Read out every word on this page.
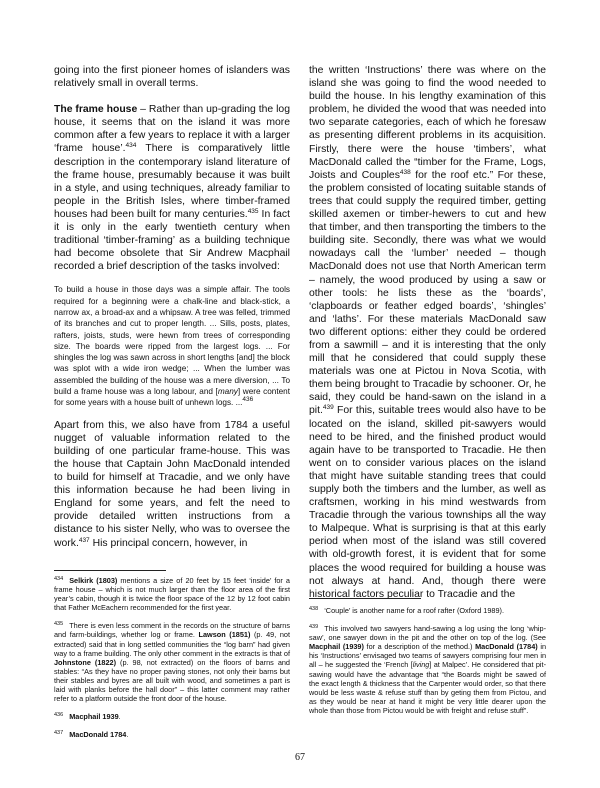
going into the first pioneer homes of islanders was relatively small in overall terms.

The frame house – Rather than up-grading the log house, it seems that on the island it was more common after a few years to replace it with a larger ‘frame house’.$^{434}$ There is comparatively little description in the contemporary island literature of the frame house, presumably because it was built in a style, and using techniques, already familiar to people in the British Isles, where timber-framed houses had been built for many centuries.$^{435}$ In fact it is only in the early twentieth century when traditional ‘timber-framing’ as a building technique had become obsolete that Sir Andrew Macphail recorded a brief description of the tasks involved:

To build a house in those days was a simple affair. The tools required for a beginning were a chalk-line and black-stick, a narrow ax, a broad-ax and a whipsaw. A tree was felled, trimmed of its branches and cut to proper length. ... Sills, posts, plates, rafters, joists, studs, were hewn from trees of corresponding size. The boards were ripped from the largest logs. ... For shingles the log was sawn across in short lengths [and] the block was splot with a wide iron wedge; ... When the lumber was assembled the building of the house was a mere diversion, ... To build a frame house was a long labour, and [many] were content for some years with a house built of unhewn logs. ...$^{436}$

Apart from this, we also have from 1784 a useful nugget of valuable information related to the building of one particular frame-house. This was the house that Captain John MacDonald intended to build for himself at Tracadie, and we only have this information because he had been living in England for some years, and felt the need to provide detailed written instructions from a distance to his sister Nelly, who was to oversee the work.$^{437}$ His principal concern, however, in

the written ‘Instructions’ there was where on the island she was going to find the wood needed to build the house. In his lengthy examination of this problem, he divided the wood that was needed into two separate categories, each of which he foresaw as presenting different problems in its acquisition. Firstly, there were the house ‘timbers’, what MacDonald called the “timber for the Frame, Logs, Joists and Couples$^{438}$ for the roof etc.” For these, the problem consisted of locating suitable stands of trees that could supply the required timber, getting skilled axemen or timber-hewers to cut and hew that timber, and then transporting the timbers to the building site. Secondly, there was what we would nowadays call the ‘lumber’ needed – though MacDonald does not use that North American term – namely, the wood produced by using a saw or other tools: he lists these as the ‘boards’, ‘clapboards or feather edged boards’, ‘shingles’ and ‘laths’. For these materials MacDonald saw two different options: either they could be ordered from a sawmill – and it is interesting that the only mill that he considered that could supply these materials was one at Pictou in Nova Scotia, with them being brought to Tracadie by schooner. Or, he said, they could be hand-sawn on the island in a pit.$^{439}$ For this, suitable trees would also have to be located on the island, skilled pit-sawyers would need to be hired, and the finished product would again have to be transported to Tracadie. He then went on to consider various places on the island that might have suitable standing trees that could supply both the timbers and the lumber, as well as craftsmen, working in his mind westwards from Tracadie through the various townships all the way to Malpeque. What is surprising is that at this early period when most of the island was still covered with old-growth forest, it is evident that for some places the wood required for building a house was not always at hand. And, though there were historical factors peculiar to Tracadie and the

$^{434}$ Selkirk (1803) mentions a size of 20 feet by 15 feet ‘inside’ for a frame house – which is not much larger than the floor area of the first year’s cabin, though it is twice the floor space of the 12 by 12 foot cabin that Father McEachern recommended for the first year.

$^{435}$ There is even less comment in the records on the structure of barns and farm-buildings, whether log or frame. Lawson (1851) (p. 49, not extracted) said that in long settled communities the “log barn” had given way to a frame building. The only other comment in the extracts is that of Johnstone (1822) (p. 98, not extracted) on the floors of barns and stables: “As they have no proper paving stones, not only their barns but their stables and byres are all built with wood, and sometimes a part is laid with planks before the hall door” – this latter comment may rather refer to a platform outside the front door of the house.

$^{436}$ Macphail 1939.

$^{437}$ MacDonald 1784.

$^{438}$ ‘Couple’ is another name for a roof rafter (Oxford 1989).

$^{439}$ This involved two sawyers hand-sawing a log using the long ‘whip-saw’, one sawyer down in the pit and the other on top of the log. (See Macphail (1939) for a description of the method.) MacDonald (1784) in his ‘Instructions’ envisaged two teams of sawyers comprising four men in all – he suggested the ‘French [living] at Malpec’. He considered that pit-sawing would have the advantage that “the Boards might be sawed of the exact length & thickness that the Carpenter would order, so that there would be less waste & refuse stuff than by geting them from Pictou, and as they would be near at hand it might be very little dearer upon the whole than those from Pictou would be with freight and refuse stuff”.

67
